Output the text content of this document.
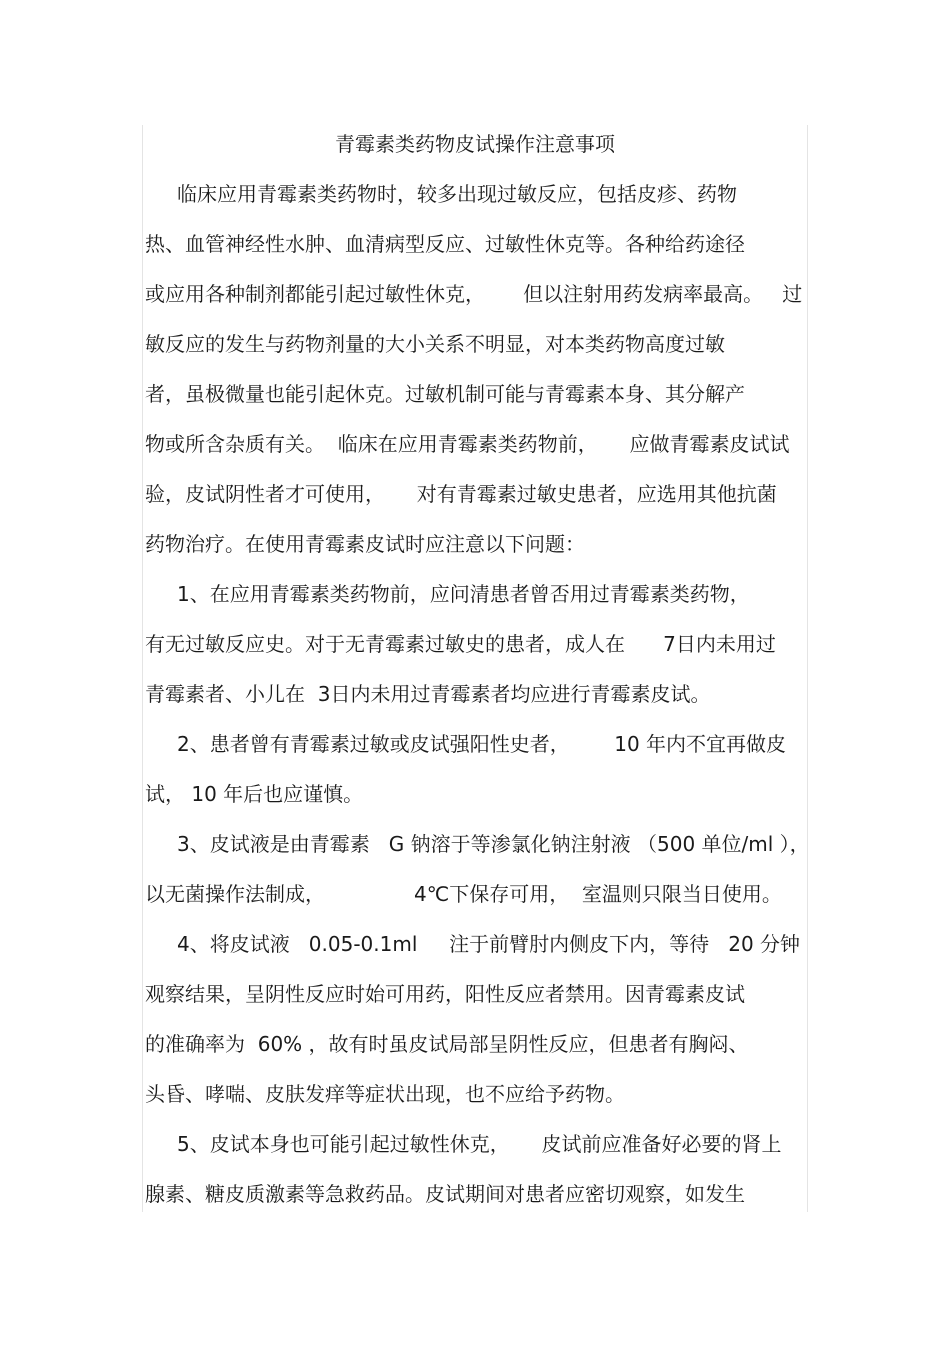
青霉素类药物皮试操作注意事项
临床应用青霉素类药物时，较多出现过敏反应，包括皮疹、药物
热、血管神经性水肿、血清病型反应、过敏性休克等。各种给药途径
或应用各种制剂都能引起过敏性休克，      但以注射用药发病率最高。   过
敏反应的发生与药物剂量的大小关系不明显，对本类药物高度过敏
者，虽极微量也能引起休克。过敏机制可能与青霉素本身、其分解产
物或所含杂质有关。  临床在应用青霉素类药物前，     应做青霉素皮试试
验，皮试阴性者才可使用，     对有青霉素过敏史患者，应选用其他抗菌
药物治疗。在使用青霉素皮试时应注意以下问题：
1、在应用青霉素类药物前，应问清患者曾否用过青霉素类药物，
有无过敏反应史。对于无青霉素过敏史的患者，成人在      7日内未用过
青霉素者、小儿在  3日内未用过青霉素者均应进行青霉素皮试。
2、患者曾有青霉素过敏或皮试强阳性史者，       10 年内不宜再做皮
试， 10 年后也应谨慎。
3、皮试液是由青霉素   G 钠溶于等渗氯化钠注射液 （500 单位/ml ），
以无菌操作法制成，              4℃下保存可用，  室温则只限当日使用。
4、将皮试液   0.05-0.1ml     注于前臂肘内侧皮下内，等待   20 分钟
观察结果，呈阴性反应时始可用药，阳性反应者禁用。因青霉素皮试
的准确率为  60% ，故有时虽皮试局部呈阴性反应，但患者有胸闷、
头昏、哮喘、皮肤发痒等症状出现，也不应给予药物。
5、皮试本身也可能引起过敏性休克，     皮试前应准备好必要的肾上
腺素、糖皮质激素等急救药品。皮试期间对患者应密切观察，如发生
